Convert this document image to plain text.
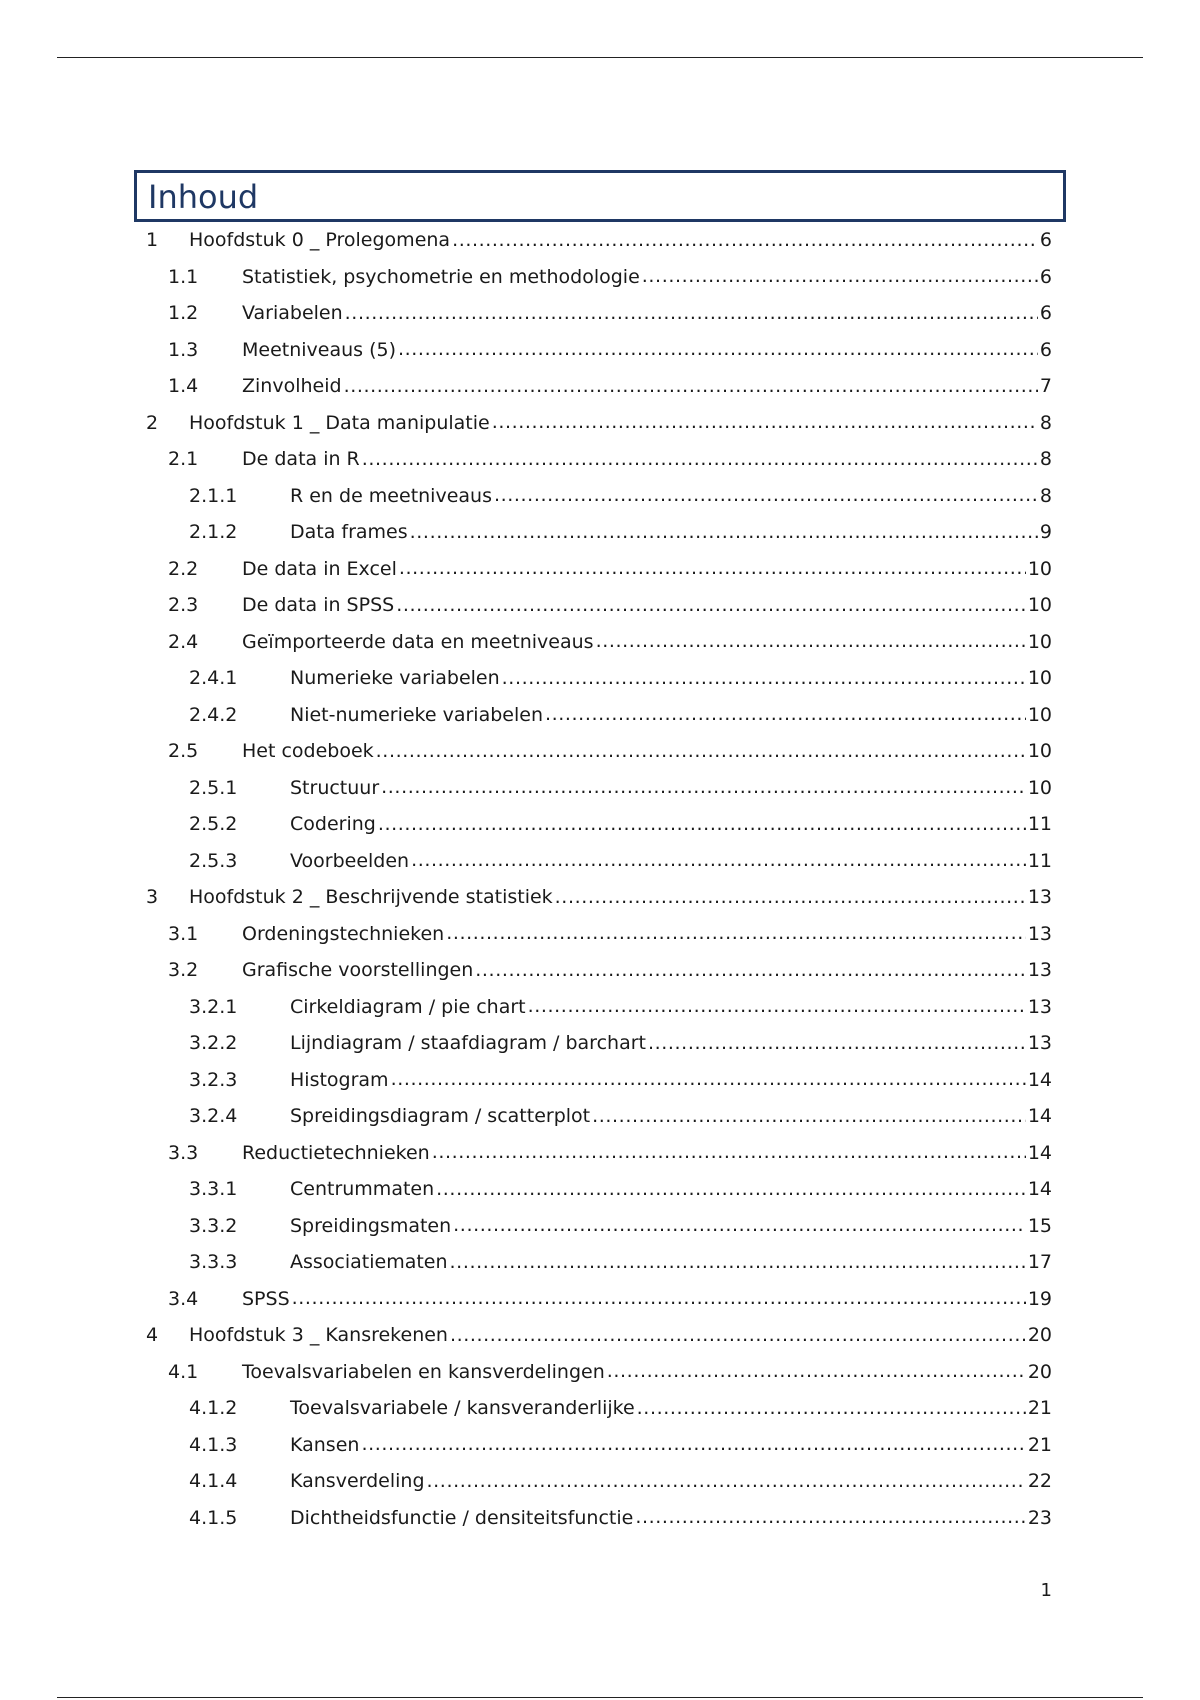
Inhoud
1	Hoofdstuk 0 _ Prolegomena .....	6
1.1	Statistiek, psychometrie en methodologie .....	6
1.2	Variabelen .....	6
1.3	Meetniveaus (5) .....	6
1.4	Zinvolheid .....	7
2	Hoofdstuk 1 _ Data manipulatie .....	8
2.1	De data in R .....	8
2.1.1	R en de meetniveaus .....	8
2.1.2	Data frames .....	9
2.2	De data in Excel .....	10
2.3	De data in SPSS .....	10
2.4	Geïmporteerde data en meetniveaus .....	10
2.4.1	Numerieke variabelen .....	10
2.4.2	Niet-numerieke variabelen .....	10
2.5	Het codeboek .....	10
2.5.1	Structuur .....	10
2.5.2	Codering .....	11
2.5.3	Voorbeelden .....	11
3	Hoofdstuk 2 _ Beschrijvende statistiek .....	13
3.1	Ordeningstechnieken .....	13
3.2	Grafische voorstellingen .....	13
3.2.1	Cirkeldiagram / pie chart .....	13
3.2.2	Lijndiagram / staafdiagram / barchart .....	13
3.2.3	Histogram .....	14
3.2.4	Spreidingsdiagram / scatterplot .....	14
3.3	Reductietechnieken .....	14
3.3.1	Centrummaten .....	14
3.3.2	Spreidingsmaten .....	15
3.3.3	Associatiematen .....	17
3.4	SPSS .....	19
4	Hoofdstuk 3 _ Kansrekenen .....	20
4.1	Toevalsvariabelen en kansverdelingen .....	20
4.1.2	Toevalsvariabele / kansveranderlijke .....	21
4.1.3	Kansen .....	21
4.1.4	Kansverdeling .....	22
4.1.5	Dichtheidsfunctie / densiteitsfunctie .....	23
1
